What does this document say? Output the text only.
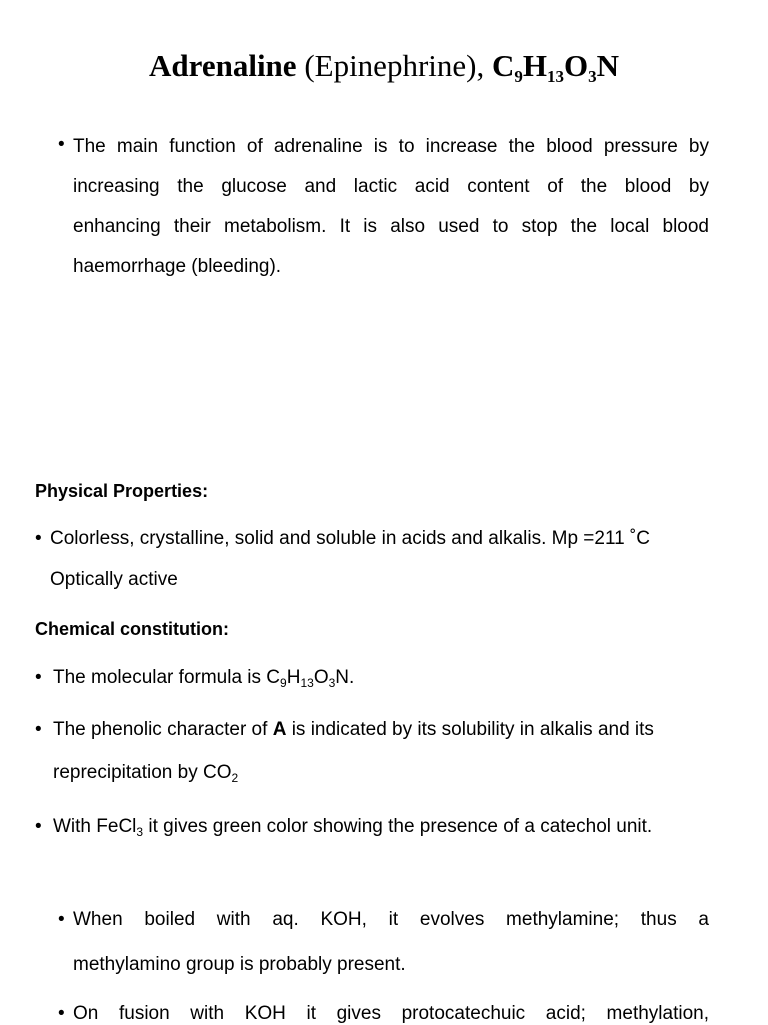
Adrenaline (Epinephrine), $C_9H_{13}O_3N$
• The main function of adrenaline is to increase the blood pressure by
increasing the glucose and lactic acid content of the blood by
enhancing their metabolism. It is also used to stop the local blood
haemorrhage (bleeding).
Physical Properties:
• Colorless, crystalline, solid and soluble in acids and alkalis. Mp =211 ˚C
Optically active
Chemical constitution:
• The molecular formula is $C_9H_{13}O_3N$.
• The phenolic character of A is indicated by its solubility in alkalis and its
reprecipitation by $CO_2$
• With FeCl$_3$ it gives green color showing the presence of a catechol unit.
• When boiled with aq. KOH, it evolves methylamine; thus a
methylamino group is probably present.
• On fusion with KOH it gives protocatechuic acid; methylation,
